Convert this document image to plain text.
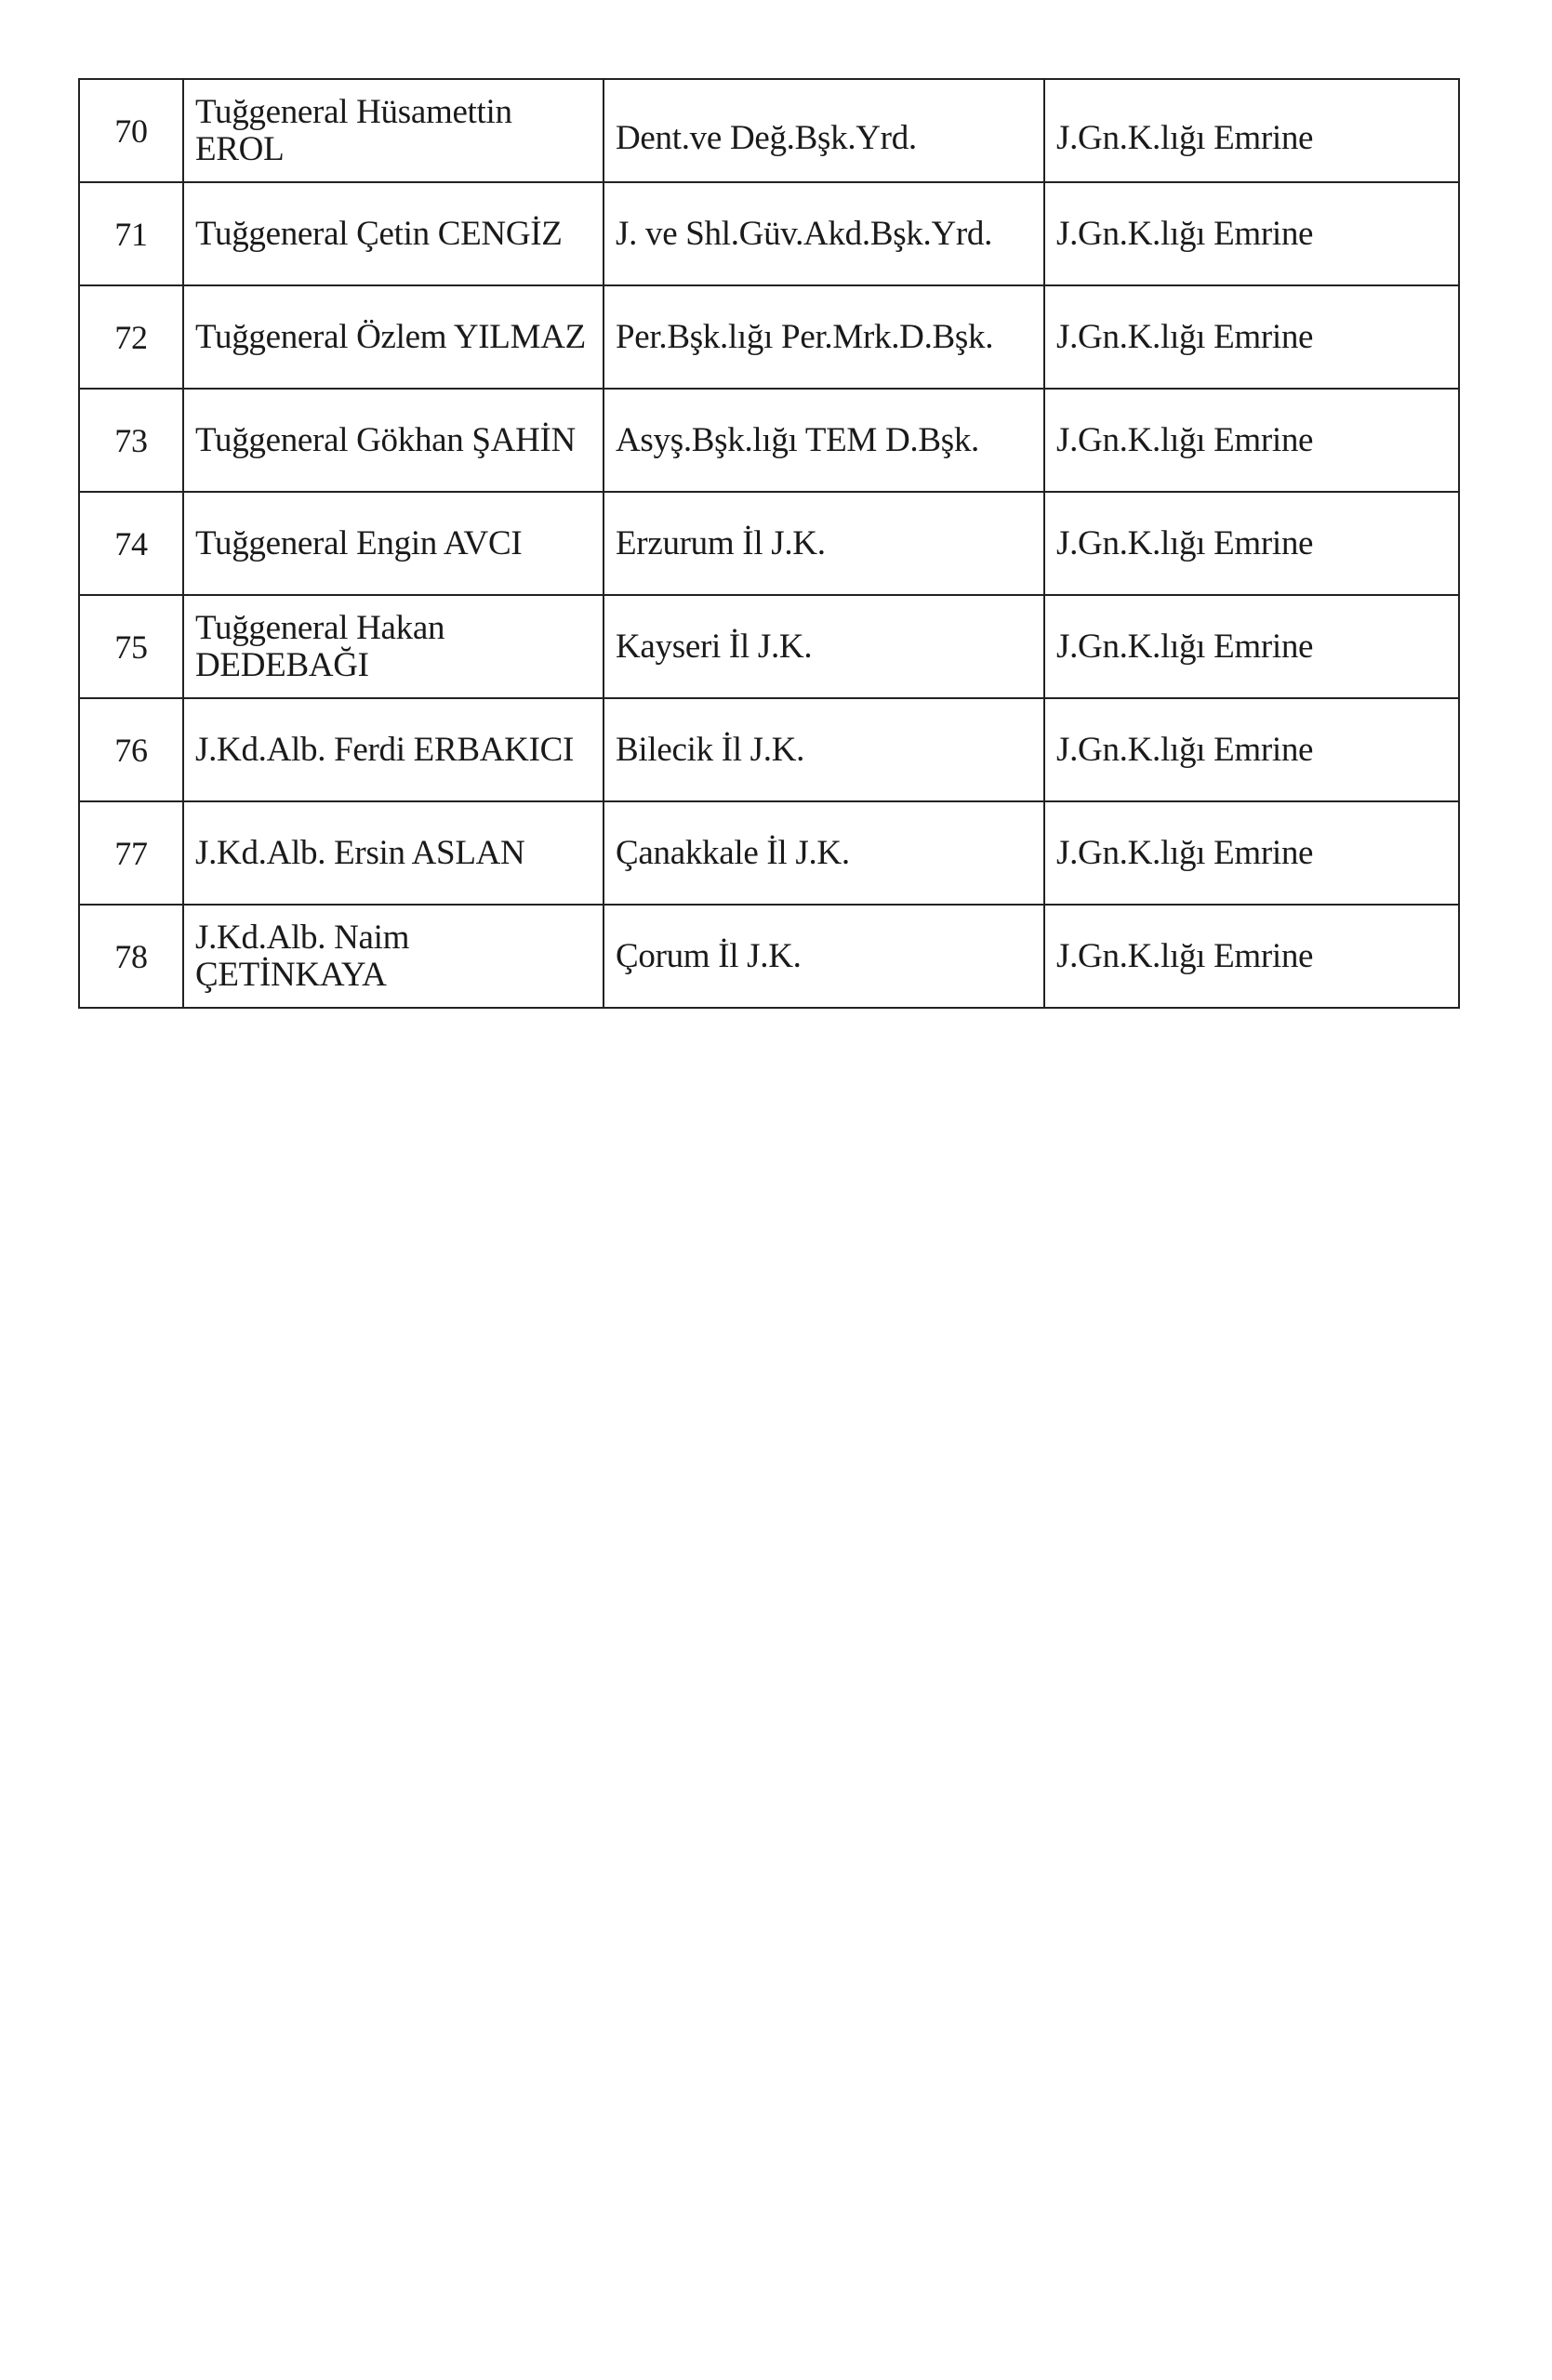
70	Tuğgeneral Hüsamettin EROL	Dent.ve Değ.Bşk.Yrd.	J.Gn.K.lığı Emrine

71	Tuğgeneral Çetin CENGİZ	J. ve Shl.Güv.Akd.Bşk.Yrd.	J.Gn.K.lığı Emrine

72	Tuğgeneral Özlem YILMAZ	Per.Bşk.lığı Per.Mrk.D.Bşk.	J.Gn.K.lığı Emrine

73	Tuğgeneral Gökhan ŞAHİN	Asyş.Bşk.lığı TEM D.Bşk.	J.Gn.K.lığı Emrine

74	Tuğgeneral Engin AVCI	Erzurum İl J.K.	J.Gn.K.lığı Emrine

75	Tuğgeneral Hakan DEDEBAĞI	Kayseri İl J.K.	J.Gn.K.lığı Emrine

76	J.Kd.Alb. Ferdi ERBAKICI	Bilecik İl J.K.	J.Gn.K.lığı Emrine

77	J.Kd.Alb. Ersin ASLAN	Çanakkale İl J.K.	J.Gn.K.lığı Emrine

78	J.Kd.Alb. Naim ÇETİNKAYA	Çorum İl J.K.	J.Gn.K.lığı Emrine
